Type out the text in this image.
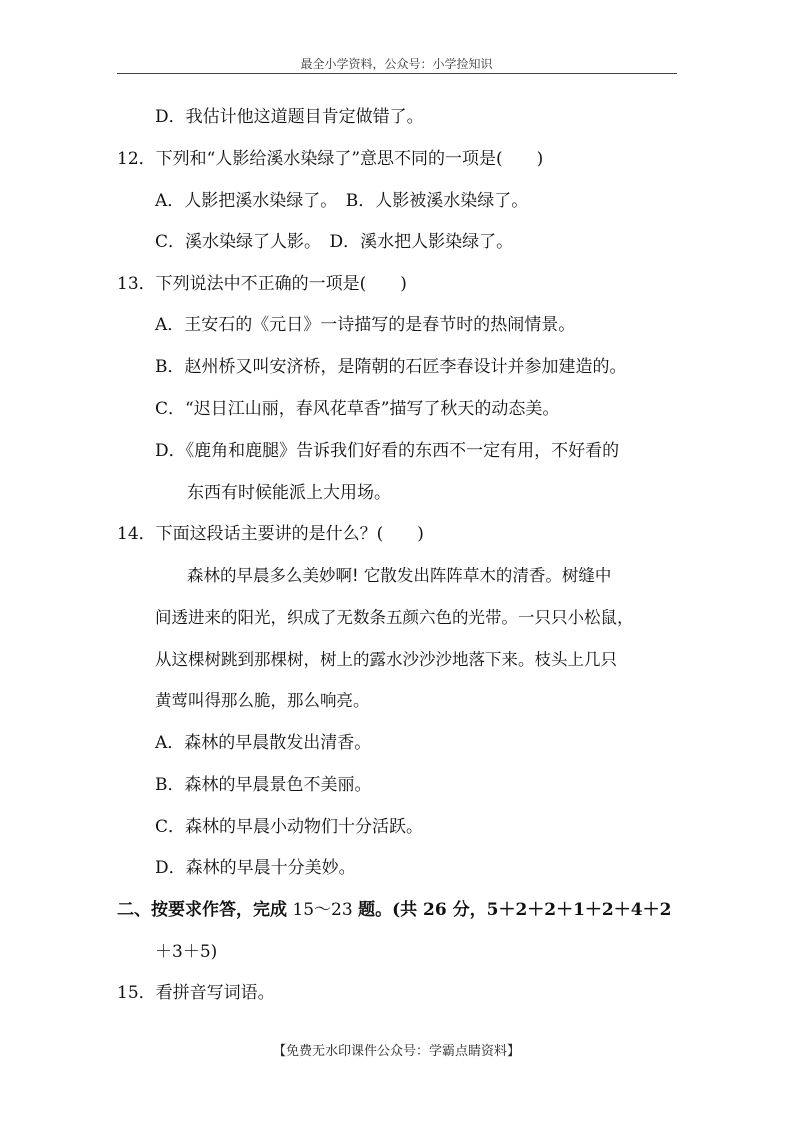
最全小学资料，公众号：小学捡知识
D．我估计他这道题目肯定做错了。
12．下列和“人影给溪水染绿了”意思不同的一项是( )
A．人影把溪水染绿了。　B．人影被溪水染绿了。
C．溪水染绿了人影。　D．溪水把人影染绿了。
13．下列说法中不正确的一项是( )
A．王安石的《元日》一诗描写的是春节时的热闹情景。
B．赵州桥又叫安济桥，是隋朝的石匠李春设计并参加建造的。
C．“迟日江山丽，春风花草香”描写了秋天的动态美。
D．《鹿角和鹿腿》告诉我们好看的东西不一定有用，不好看的
东西有时候能派上大用场。
14．下面这段话主要讲的是什么？( )
森林的早晨多么美妙啊! 它散发出阵阵草木的清香。树缝中
间透进来的阳光，织成了无数条五颜六色的光带。一只只小松鼠，
从这棵树跳到那棵树，树上的露水沙沙沙地落下来。枝头上几只
黄莺叫得那么脆，那么响亮。
A．森林的早晨散发出清香。
B．森林的早晨景色不美丽。
C．森林的早晨小动物们十分活跃。
D．森林的早晨十分美妙。
二、按要求作答，完成 15～23 题。(共 26 分，5＋2＋2＋1＋2＋4＋2
＋3＋5)
15．看拼音写词语。
【免费无水印课件公众号：学霸点睛资料】
